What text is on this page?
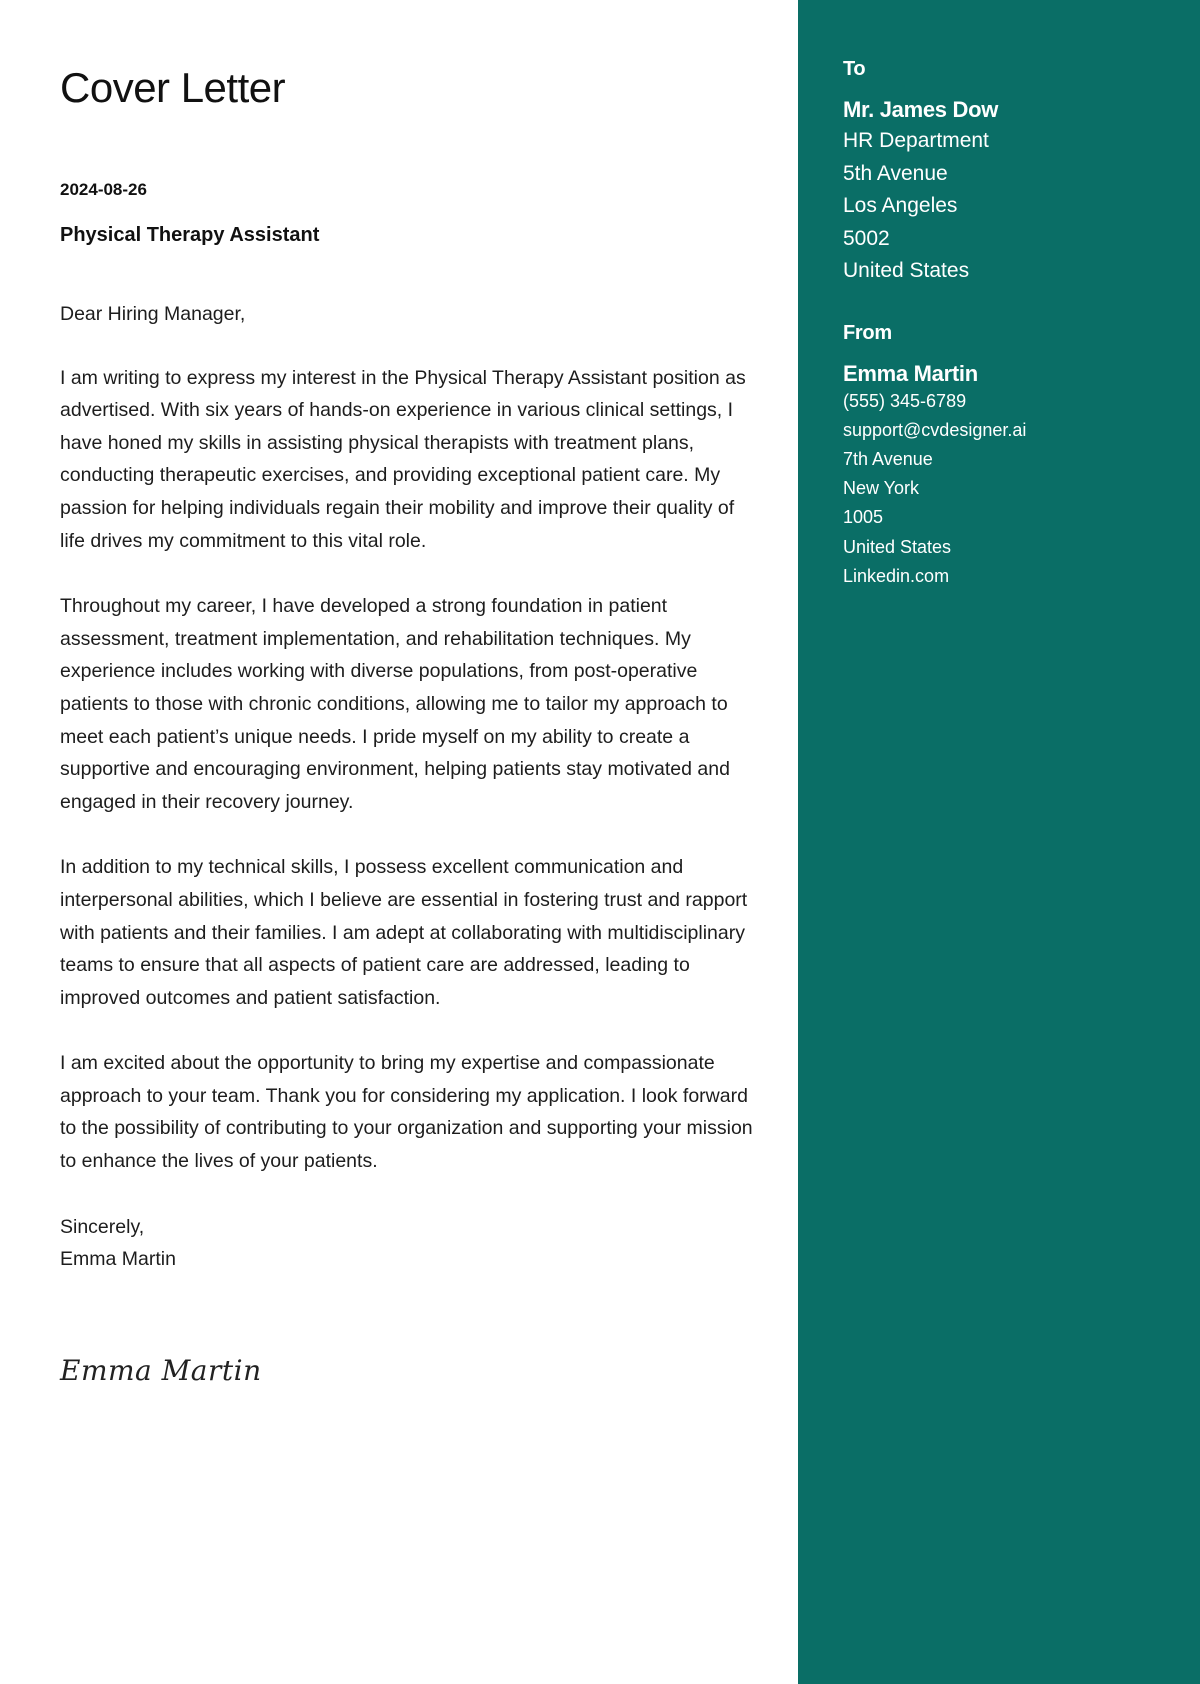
Cover Letter
2024-08-26
Physical Therapy Assistant

Dear Hiring Manager,

I am writing to express my interest in the Physical Therapy Assistant position as advertised. With six years of hands-on experience in various clinical settings, I have honed my skills in assisting physical therapists with treatment plans, conducting therapeutic exercises, and providing exceptional patient care. My passion for helping individuals regain their mobility and improve their quality of life drives my commitment to this vital role.

Throughout my career, I have developed a strong foundation in patient assessment, treatment implementation, and rehabilitation techniques. My experience includes working with diverse populations, from post-operative patients to those with chronic conditions, allowing me to tailor my approach to meet each patient’s unique needs. I pride myself on my ability to create a supportive and encouraging environment, helping patients stay motivated and engaged in their recovery journey.

In addition to my technical skills, I possess excellent communication and interpersonal abilities, which I believe are essential in fostering trust and rapport with patients and their families. I am adept at collaborating with multidisciplinary teams to ensure that all aspects of patient care are addressed, leading to improved outcomes and patient satisfaction.

I am excited about the opportunity to bring my expertise and compassionate approach to your team. Thank you for considering my application. I look forward to the possibility of contributing to your organization and supporting your mission to enhance the lives of your patients.

Sincerely,
Emma Martin
Emma Martin
To
Mr. James Dow
HR Department
5th Avenue
Los Angeles
5002
United States
From
Emma Martin
(555) 345-6789
support@cvdesigner.ai
7th Avenue
New York
1005
United States
Linkedin.com
